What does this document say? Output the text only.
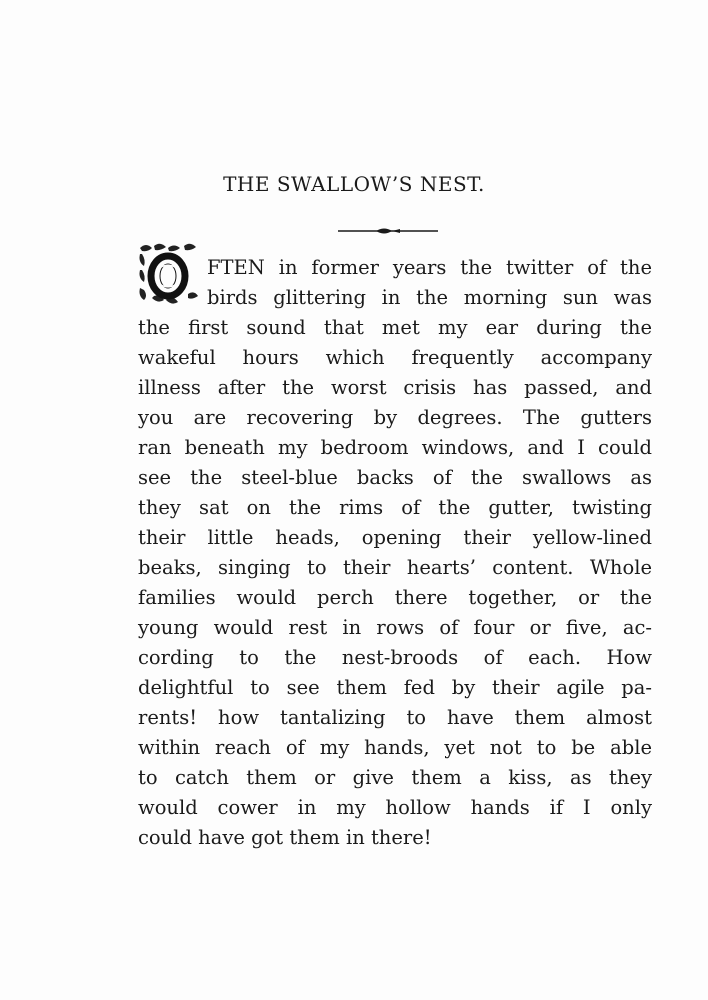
THE SWALLOW’S NEST.

FTEN in former years the twitter of the

birds glittering in the morning sun was

the first sound that met my ear during the

wakeful hours which frequently accompany

illness after the worst crisis has passed, and

you are recovering by degrees. The gutters

ran beneath my bedroom windows, and I could

see the steel-blue backs of the swallows as

they sat on the rims of the gutter, twisting

their little heads, opening their yellow-lined

beaks, singing to their hearts’ content. Whole

families would perch there together, or the

young would rest in rows of four or five, ac-

cording to the nest-broods of each. How

delightful to see them fed by their agile pa-

rents! how tantalizing to have them almost

within reach of my hands, yet not to be able

to catch them or give them a kiss, as they

would cower in my hollow hands if I only

could have got them in there!
